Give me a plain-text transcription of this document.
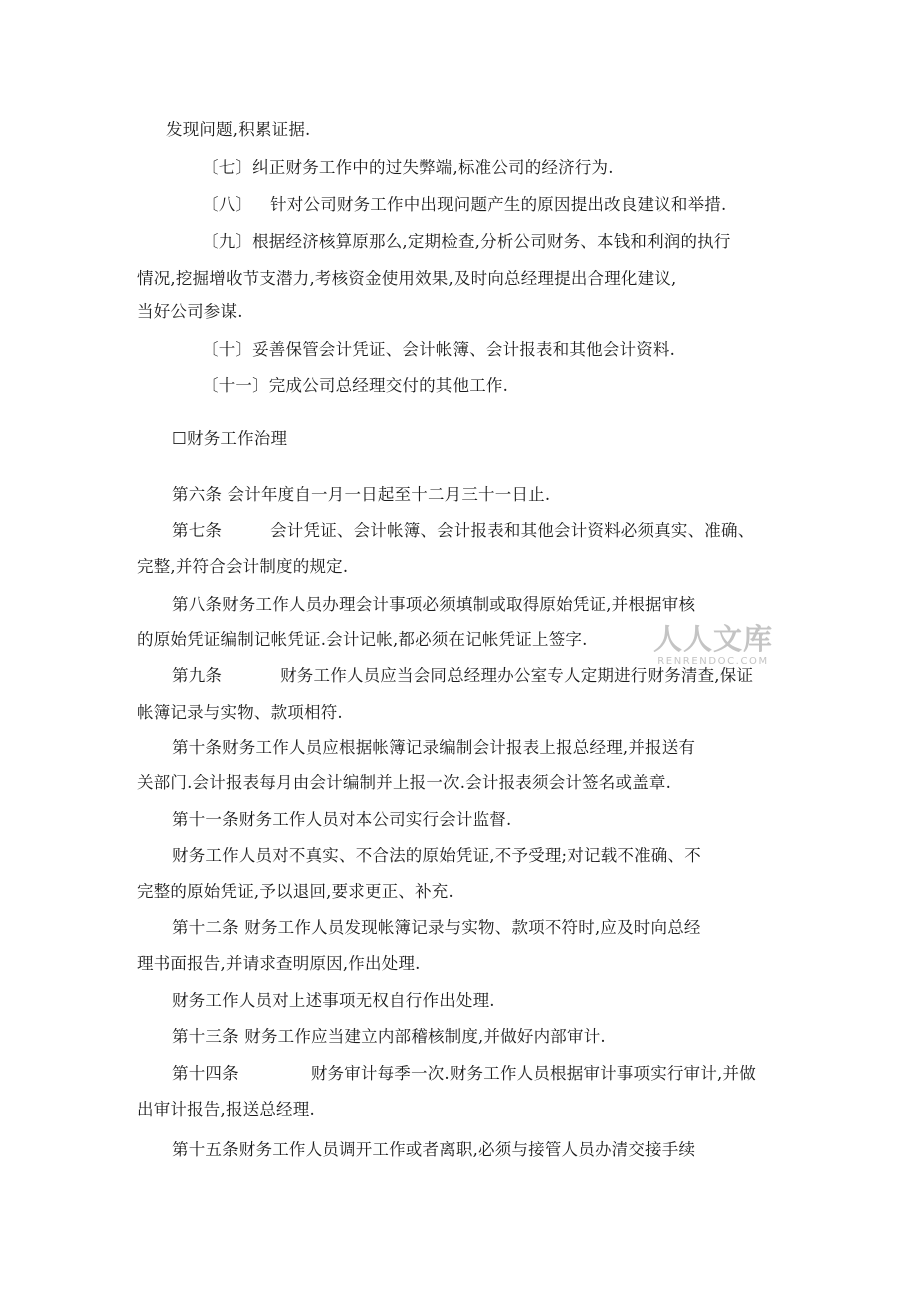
发现问题,积累证据.

〔七〕纠正财务工作中的过失弊端,标准公司的经济行为.

〔八〕 针对公司财务工作中出现问题产生的原因提出改良建议和举措.

〔九〕根据经济核算原那么,定期检查,分析公司财务、本钱和利润的执行

情况,挖掘增收节支潜力,考核资金使用效果,及时向总经理提出合理化建议,

当好公司参谋.

〔十〕妥善保管会计凭证、会计帐簿、会计报表和其他会计资料.

〔十一〕完成公司总经理交付的其他工作.

☐财务工作治理

第六条 会计年度自一月一日起至十二月三十一日止.

第七条	会计凭证、会计帐簿、会计报表和其他会计资料必须真实、准确、

完整,并符合会计制度的规定.

第八条财务工作人员办理会计事项必须填制或取得原始凭证,并根据审核

的原始凭证编制记帐凭证.会计记帐,都必须在记帐凭证上签字.

第九条	财务工作人员应当会同总经理办公室专人定期进行财务清查,保证

帐簿记录与实物、款项相符.

第十条财务工作人员应根据帐簿记录编制会计报表上报总经理,并报送有

关部门.会计报表每月由会计编制并上报一次.会计报表须会计签名或盖章.

第十一条财务工作人员对本公司实行会计监督.

财务工作人员对不真实、不合法的原始凭证,不予受理;对记载不准确、不

完整的原始凭证,予以退回,要求更正、补充.

第十二条 财务工作人员发现帐簿记录与实物、款项不符时,应及时向总经

理书面报告,并请求查明原因,作出处理.

财务工作人员对上述事项无权自行作出处理.

第十三条 财务工作应当建立内部稽核制度,并做好内部审计.

第十四条	财务审计每季一次.财务工作人员根据审计事项实行审计,并做

出审计报告,报送总经理.

第十五条财务工作人员调开工作或者离职,必须与接管人员办清交接手续

人人文库
RENRENDOC.COM
